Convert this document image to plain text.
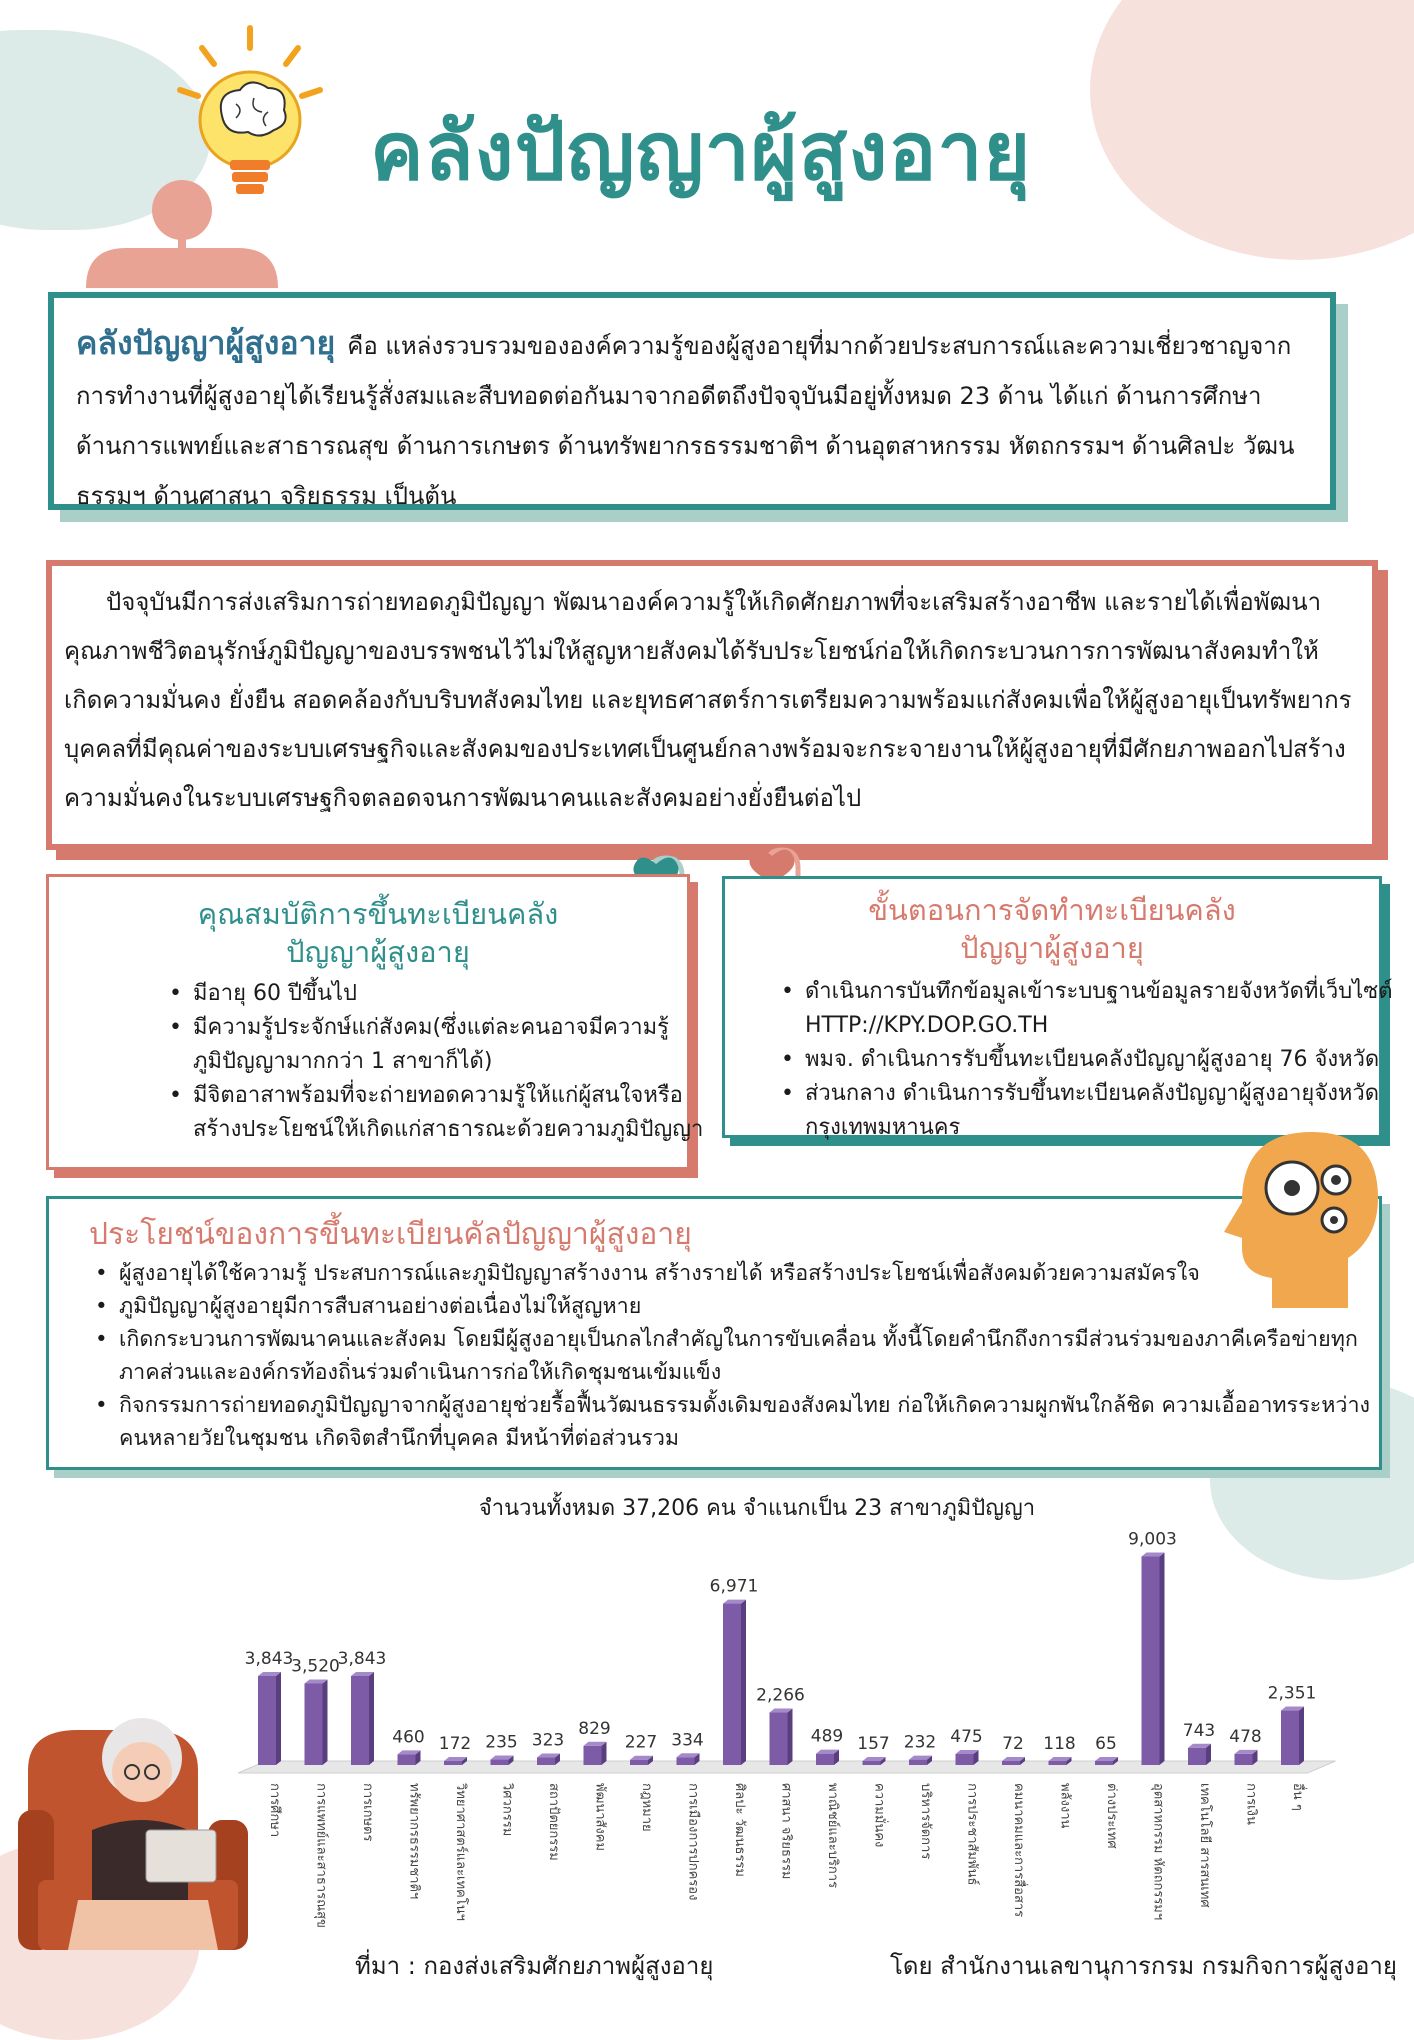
คลังปัญญาผู้สูงอายุ
คลังปัญญาผู้สูงอายุ คือ แหล่งรวบรวมขององค์ความรู้ของผู้สูงอายุที่มากด้วยประสบการณ์และความเชี่ยวชาญจากการทำงานที่ผู้สูงอายุได้เรียนรู้สั่งสมและสืบทอดต่อกันมาจากอดีตถึงปัจจุบันมีอยู่ทั้งหมด 23 ด้าน ได้แก่ ด้านการศึกษา ด้านการแพทย์และสาธารณสุข ด้านการเกษตร ด้านทรัพยากรธรรมชาติฯ ด้านอุตสาหกรรม หัตถกรรมฯ ด้านศิลปะ วัฒนธรรมฯ ด้านศาสนา จริยธรรม เป็นต้น
ปัจจุบันมีการส่งเสริมการถ่ายทอดภูมิปัญญา พัฒนาองค์ความรู้ให้เกิดศักยภาพที่จะเสริมสร้างอาชีพ และรายได้เพื่อพัฒนาคุณภาพชีวิตอนุรักษ์ภูมิปัญญาของบรรพชนไว้ไม่ให้สูญหายสังคมได้รับประโยชน์ก่อให้เกิดกระบวนการการพัฒนาสังคมทำให้เกิดความมั่นคง ยั่งยืน สอดคล้องกับบริบทสังคมไทย และยุทธศาสตร์การเตรียมความพร้อมแก่สังคมเพื่อให้ผู้สูงอายุเป็นทรัพยากรบุคคลที่มีคุณค่าของระบบเศรษฐกิจและสังคมของประเทศเป็นศูนย์กลางพร้อมจะกระจายงานให้ผู้สูงอายุที่มีศักยภาพออกไปสร้างความมั่นคงในระบบเศรษฐกิจตลอดจนการพัฒนาคนและสังคมอย่างยั่งยืนต่อไป
คุณสมบัติการขึ้นทะเบียนคลังปัญญาผู้สูงอายุ
• มีอายุ 60 ปีขึ้นไป
• มีความรู้ประจักษ์แก่สังคม(ซึ่งแต่ละคนอาจมีความรู้ภูมิปัญญามากกว่า 1 สาขาก็ได้)
• มีจิตอาสาพร้อมที่จะถ่ายทอดความรู้ให้แก่ผู้สนใจหรือสร้างประโยชน์ให้เกิดแก่สาธารณะด้วยความภูมิปัญญา
ขั้นตอนการจัดทำทะเบียนคลังปัญญาผู้สูงอายุ
• ดำเนินการบันทึกข้อมูลเข้าระบบฐานข้อมูลรายจังหวัดที่เว็บไซต์ HTTP://KPY.DOP.GO.TH
• พมจ. ดำเนินการรับขึ้นทะเบียนคลังปัญญาผู้สูงอายุ 76 จังหวัด
• ส่วนกลาง ดำเนินการรับขึ้นทะเบียนคลังปัญญาผู้สูงอายุจังหวัดกรุงเทพมหานคร
ประโยชน์ของการขึ้นทะเบียนคัลปัญญาผู้สูงอายุ
• ผู้สูงอายุได้ใช้ความรู้ ประสบการณ์และภูมิปัญญาสร้างงาน สร้างรายได้ หรือสร้างประโยชน์เพื่อสังคมด้วยความสมัครใจ
• ภูมิปัญญาผู้สูงอายุมีการสืบสานอย่างต่อเนื่องไม่ให้สูญหาย
• เกิดกระบวนการพัฒนาคนและสังคม โดยมีผู้สูงอายุเป็นกลไกสำคัญในการขับเคลื่อน ทั้งนี้โดยคำนึกถึงการมีส่วนร่วมของภาคีเครือข่ายทุกภาคส่วนและองค์กรท้องถิ่นร่วมดำเนินการก่อให้เกิดชุมชนเข้มแข็ง
• กิจกรรมการถ่ายทอดภูมิปัญญาจากผู้สูงอายุช่วยรื้อฟื้นวัฒนธรรมดั้งเดิมของสังคมไทย ก่อให้เกิดความผูกพันใกล้ชิด ความเอื้ออาทรระหว่างคนหลายวัยในชุมชน เกิดจิตสำนึกที่บุคคล มีหน้าที่ต่อส่วนรวม
จำนวนทั้งหมด 37,206 คน จำแนกเป็น 23 สาขาภูมิปัญญา
3,843
การศึกษา
3,520
การแพทย์และสาธารณสุข
3,843
การเกษตร
460
ทรัพยากรธรรมชาติฯ
172
วิทยาศาสตร์และเทคโนฯ
235
วิศวกรรม
323
สถาปัตยกรรม
829
พัฒนาสังคม
227
กฎหมาย
334
การเมืองการปกครอง
6,971
ศิลปะ วัฒนธรรม
2,266
ศาสนา จริยธรรม
489
พาณิชย์และบริการ
157
ความมั่นคง
232
บริหารจัดการ
475
การประชาสัมพันธ์
72
คมนาคมและการสื่อสาร
118
พลังงาน
65
ต่างประเทศ
9,003
อุตสาหกรรม หัตถกรรมฯ
743
เทคโนโลยี สารสนเทศ
478
การเงิน
2,351
อื่น ๆ
ที่มา : กองส่งเสริมศักยภาพผู้สูงอายุ	โดย สำนักงานเลขานุการกรม กรมกิจการผู้สูงอายุ
